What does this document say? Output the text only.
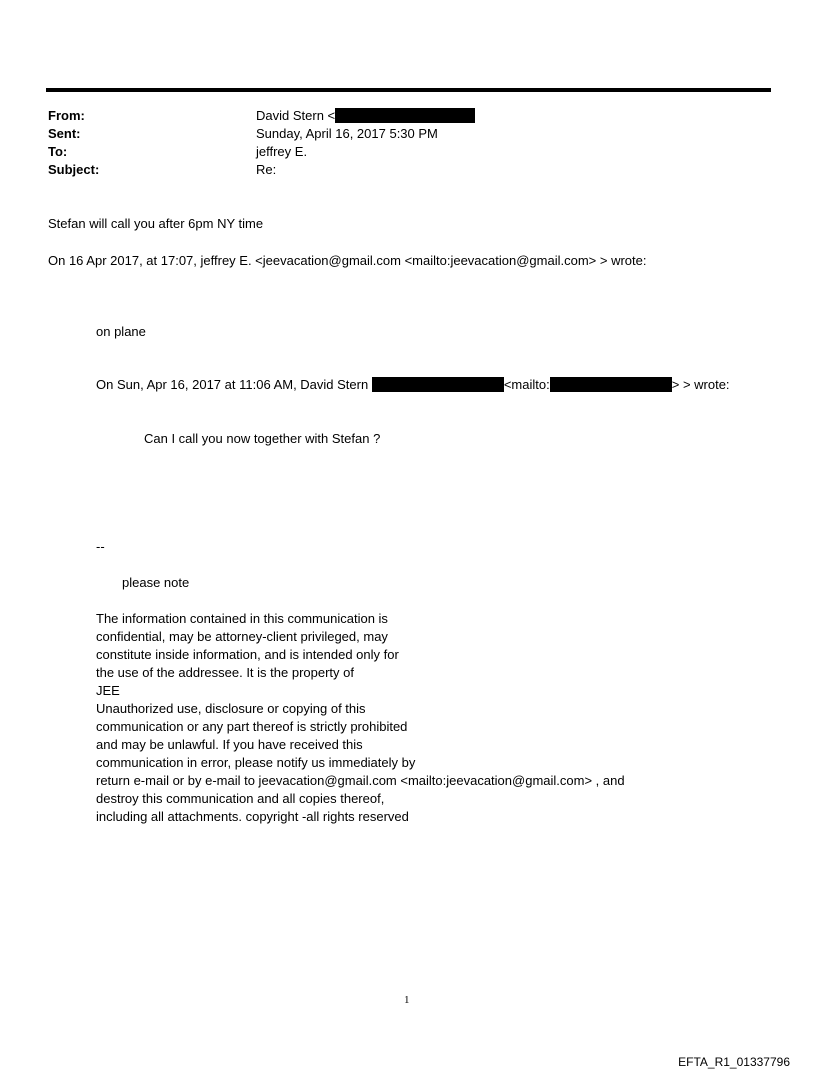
From:	David Stern <
Sent:	Sunday, April 16, 2017 5:30 PM
To:	jeffrey E.
Subject:	Re:
Stefan will call you after 6pm NY time
On 16 Apr 2017, at 17:07, jeffrey E. <jeevacation@gmail.com <mailto:jeevacation@gmail.com> > wrote:
on plane
On Sun, Apr 16, 2017 at 11:06 AM, David Stern	<mailto:	> > wrote:
Can I call you now together with Stefan ?
--
please note
The information contained in this communication is
confidential, may be attorney-client privileged, may
constitute inside information, and is intended only for
the use of the addressee. It is the property of
JEE
Unauthorized use, disclosure or copying of this
communication or any part thereof is strictly prohibited
and may be unlawful. If you have received this
communication in error, please notify us immediately by
return e-mail or by e-mail to jeevacation@gmail.com <mailto:jeevacation@gmail.com> , and
destroy this communication and all copies thereof,
including all attachments. copyright -all rights reserved
1
EFTA_R1_01337796
